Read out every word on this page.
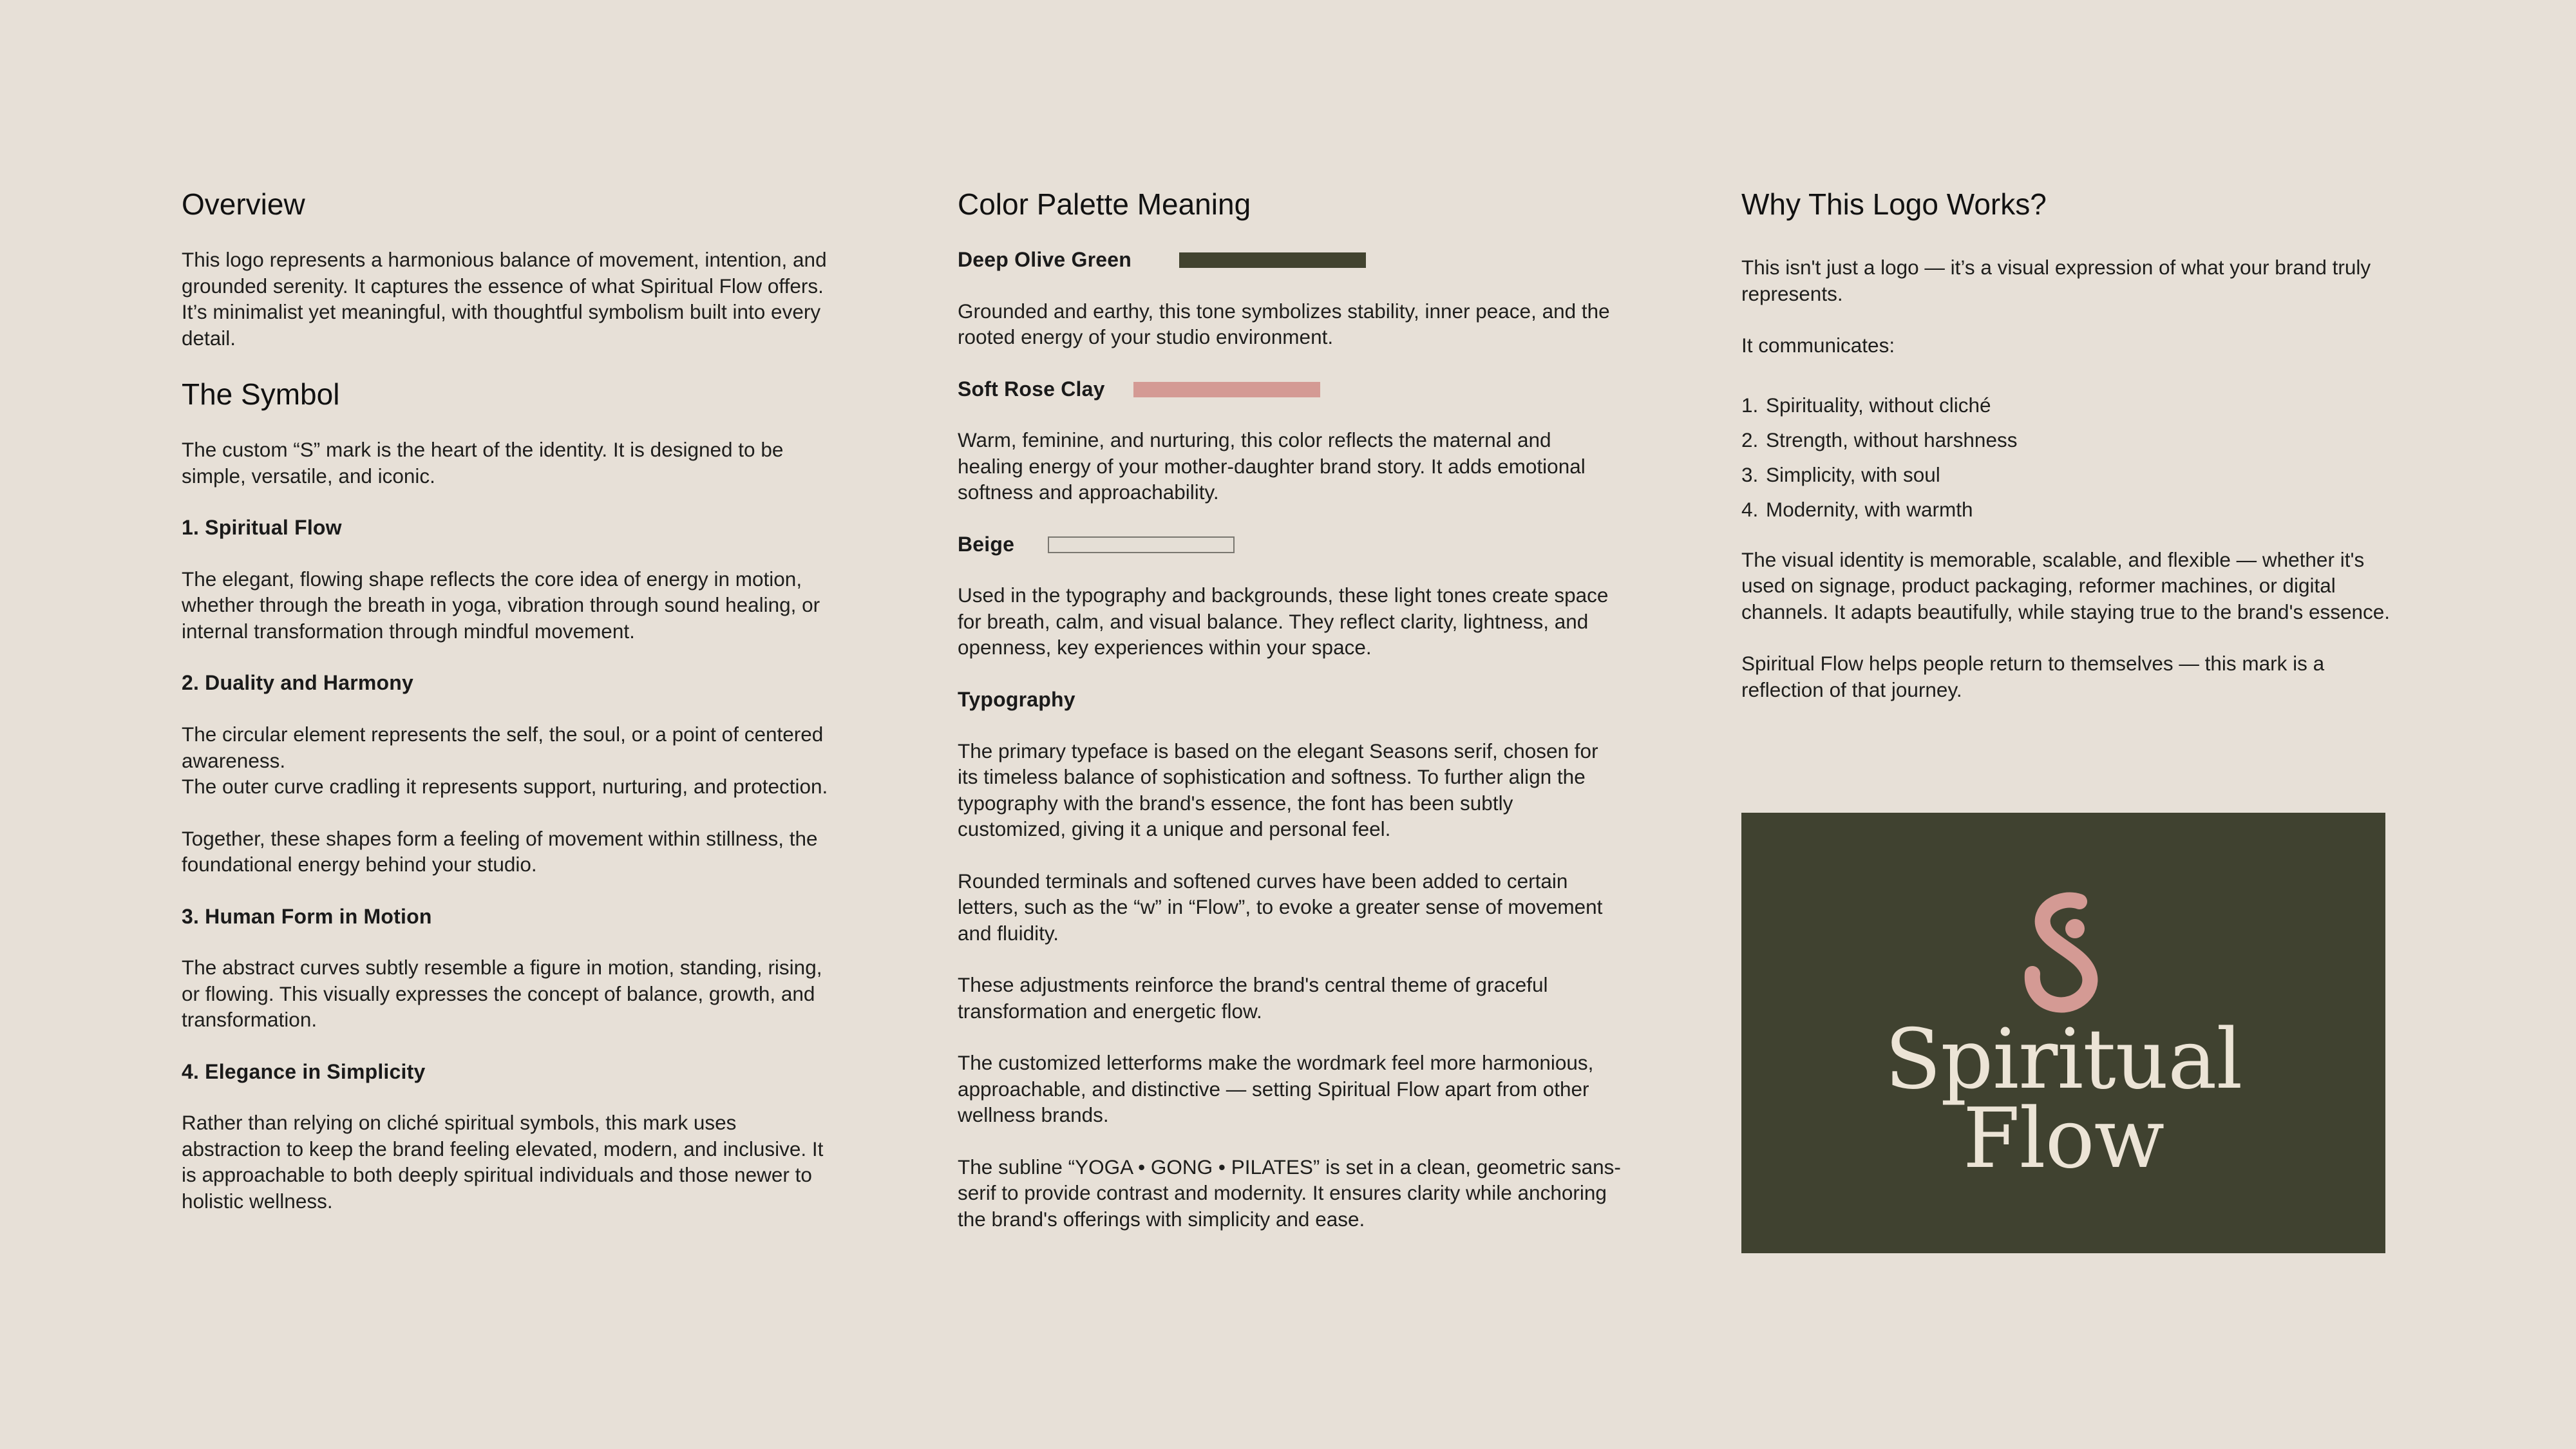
Overview

This logo represents a harmonious balance of movement, intention, and grounded serenity. It captures the essence of what Spiritual Flow offers. It’s minimalist yet meaningful, with thoughtful symbolism built into every detail.

The Symbol

The custom “S” mark is the heart of the identity. It is designed to be simple, versatile, and iconic.

1. Spiritual Flow

The elegant, flowing shape reflects the core idea of energy in motion, whether through the breath in yoga, vibration through sound healing, or internal transformation through mindful movement.

2. Duality and Harmony

The circular element represents the self, the soul, or a point of centered awareness.

The outer curve cradling it represents support, nurturing, and protection.

Together, these shapes form a feeling of movement within stillness, the foundational energy behind your studio.

3. Human Form in Motion

The abstract curves subtly resemble a figure in motion, standing, rising, or flowing. This visually expresses the concept of balance, growth, and transformation.

4. Elegance in Simplicity

Rather than relying on cliché spiritual symbols, this mark uses abstraction to keep the brand feeling elevated, modern, and inclusive. It is approachable to both deeply spiritual individuals and those newer to holistic wellness.

Color Palette Meaning
Deep Olive Green

Grounded and earthy, this tone symbolizes stability, inner peace, and the rooted energy of your studio environment.

Soft Rose Clay

Warm, feminine, and nurturing, this color reflects the maternal and healing energy of your mother-daughter brand story. It adds emotional softness and approachability.

Beige

Used in the typography and backgrounds, these light tones create space for breath, calm, and visual balance. They reflect clarity, lightness, and openness, key experiences within your space.

Typography

The primary typeface is based on the elegant Seasons serif, chosen for its timeless balance of sophistication and softness. To further align the typography with the brand's essence, the font has been subtly customized, giving it a unique and personal feel.

Rounded terminals and softened curves have been added to certain letters, such as the “w” in “Flow”, to evoke a greater sense of movement and fluidity.

These adjustments reinforce the brand's central theme of graceful transformation and energetic flow.

The customized letterforms make the wordmark feel more harmonious, approachable, and distinctive — setting Spiritual Flow apart from other wellness brands.

The subline “YOGA • GONG • PILATES” is set in a clean, geometric sans-serif to provide contrast and modernity. It ensures clarity while anchoring the brand's offerings with simplicity and ease.

Why This Logo Works?

This isn't just a logo — it’s a visual expression of what your brand truly represents.

It communicates:

1. Spirituality, without cliché
2. Strength, without harshness
3. Simplicity, with soul
4. Modernity, with warmth

The visual identity is memorable, scalable, and flexible — whether it's used on signage, product packaging, reformer machines, or digital channels. It adapts beautifully, while staying true to the brand's essence.

Spiritual Flow helps people return to themselves — this mark is a reflection of that journey.

Spiritual
Flow
